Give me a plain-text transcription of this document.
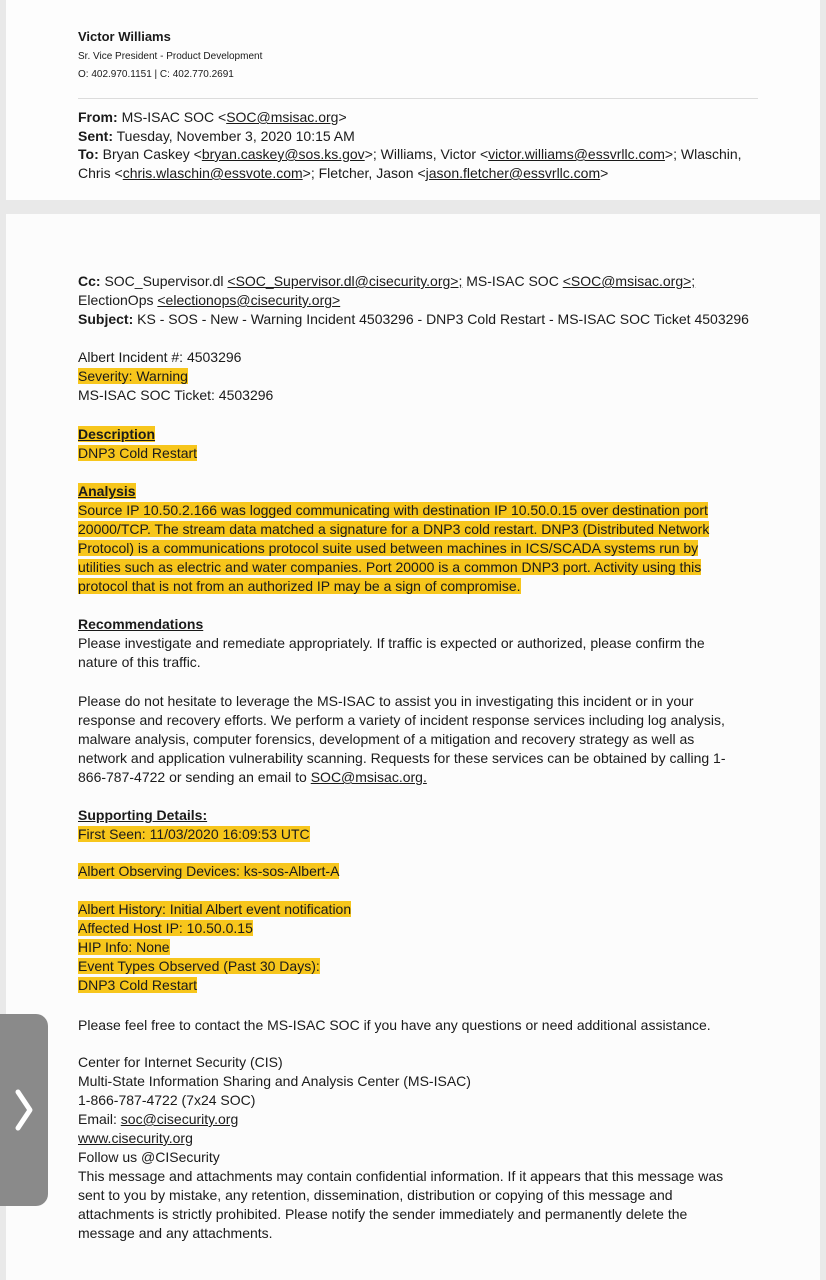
Victor Williams
Sr. Vice President - Product Development
O: 402.970.1151 | C: 402.770.2691
From: MS-ISAC SOC <SOC@msisac.org>
Sent: Tuesday, November 3, 2020 10:15 AM
To: Bryan Caskey <bryan.caskey@sos.ks.gov>; Williams, Victor <victor.williams@essvrllc.com>; Wlaschin,
Chris <chris.wlaschin@essvote.com>; Fletcher, Jason <jason.fletcher@essvrllc.com>
Cc: SOC_Supervisor.dl <SOC_Supervisor.dl@cisecurity.org>; MS-ISAC SOC <SOC@msisac.org>;
ElectionOps <electionops@cisecurity.org>
Subject: KS - SOS - New - Warning Incident 4503296 - DNP3 Cold Restart - MS-ISAC SOC Ticket 4503296
Albert Incident #: 4503296
Severity: Warning
MS-ISAC SOC Ticket: 4503296
Description
DNP3 Cold Restart
Analysis
Source IP 10.50.2.166 was logged communicating with destination IP 10.50.0.15 over destination port
20000/TCP. The stream data matched a signature for a DNP3 cold restart. DNP3 (Distributed Network
Protocol) is a communications protocol suite used between machines in ICS/SCADA systems run by
utilities such as electric and water companies. Port 20000 is a common DNP3 port. Activity using this
protocol that is not from an authorized IP may be a sign of compromise.
Recommendations
Please investigate and remediate appropriately. If traffic is expected or authorized, please confirm the
nature of this traffic.
Please do not hesitate to leverage the MS-ISAC to assist you in investigating this incident or in your
response and recovery efforts. We perform a variety of incident response services including log analysis,
malware analysis, computer forensics, development of a mitigation and recovery strategy as well as
network and application vulnerability scanning. Requests for these services can be obtained by calling 1-
866-787-4722 or sending an email to SOC@msisac.org.
Supporting Details:
First Seen: 11/03/2020 16:09:53 UTC
Albert Observing Devices: ks-sos-Albert-A
Albert History: Initial Albert event notification
Affected Host IP: 10.50.0.15
HIP Info: None
Event Types Observed (Past 30 Days):
DNP3 Cold Restart
Please feel free to contact the MS-ISAC SOC if you have any questions or need additional assistance.
Center for Internet Security (CIS)
Multi-State Information Sharing and Analysis Center (MS-ISAC)
1-866-787-4722 (7x24 SOC)
Email: soc@cisecurity.org
www.cisecurity.org
Follow us @CISecurity
This message and attachments may contain confidential information. If it appears that this message was
sent to you by mistake, any retention, dissemination, distribution or copying of this message and
attachments is strictly prohibited. Please notify the sender immediately and permanently delete the
message and any attachments.
